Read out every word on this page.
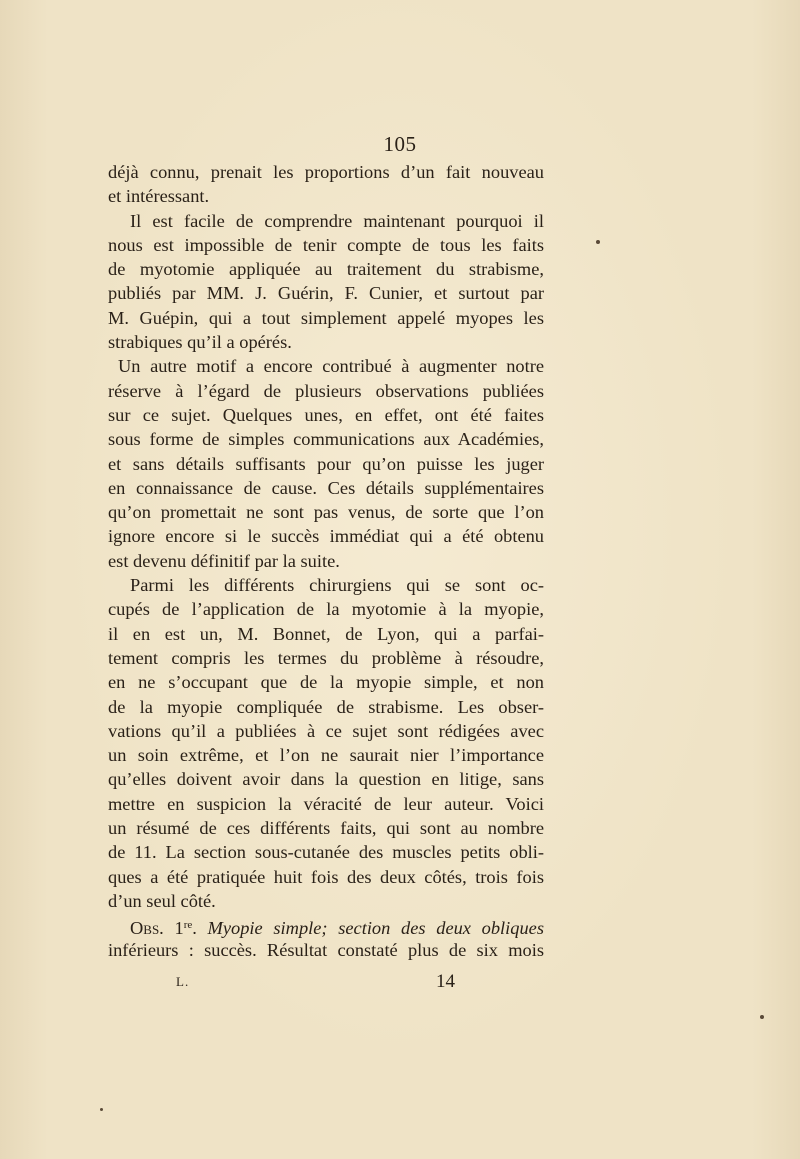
105
déjà connu, prenait les proportions d’un fait nouveau
et intéressant.
Il est facile de comprendre maintenant pourquoi il
nous est impossible de tenir compte de tous les faits
de myotomie appliquée au traitement du strabisme,
publiés par MM. J. Guérin, F. Cunier, et surtout par
M. Guépin, qui a tout simplement appelé myopes les
strabiques qu’il a opérés.
Un autre motif a encore contribué à augmenter notre
réserve à l’égard de plusieurs observations publiées
sur ce sujet. Quelques unes, en effet, ont été faites
sous forme de simples communications aux Académies,
et sans détails suffisants pour qu’on puisse les juger
en connaissance de cause. Ces détails supplémentaires
qu’on promettait ne sont pas venus, de sorte que l’on
ignore encore si le succès immédiat qui a été obtenu
est devenu définitif par la suite.
Parmi les différents chirurgiens qui se sont oc-
cupés de l’application de la myotomie à la myopie,
il en est un, M. Bonnet, de Lyon, qui a parfai-
tement compris les termes du problème à résoudre,
en ne s’occupant que de la myopie simple, et non
de la myopie compliquée de strabisme. Les obser-
vations qu’il a publiées à ce sujet sont rédigées avec
un soin extrême, et l’on ne saurait nier l’importance
qu’elles doivent avoir dans la question en litige, sans
mettre en suspicion la véracité de leur auteur. Voici
un résumé de ces différents faits, qui sont au nombre
de 11. La section sous-cutanée des muscles petits obli-
ques a été pratiquée huit fois des deux côtés, trois fois
d’un seul côté.
Obs. 1re. Myopie simple; section des deux obliques
inférieurs : succès. Résultat constaté plus de six mois
L.	14
